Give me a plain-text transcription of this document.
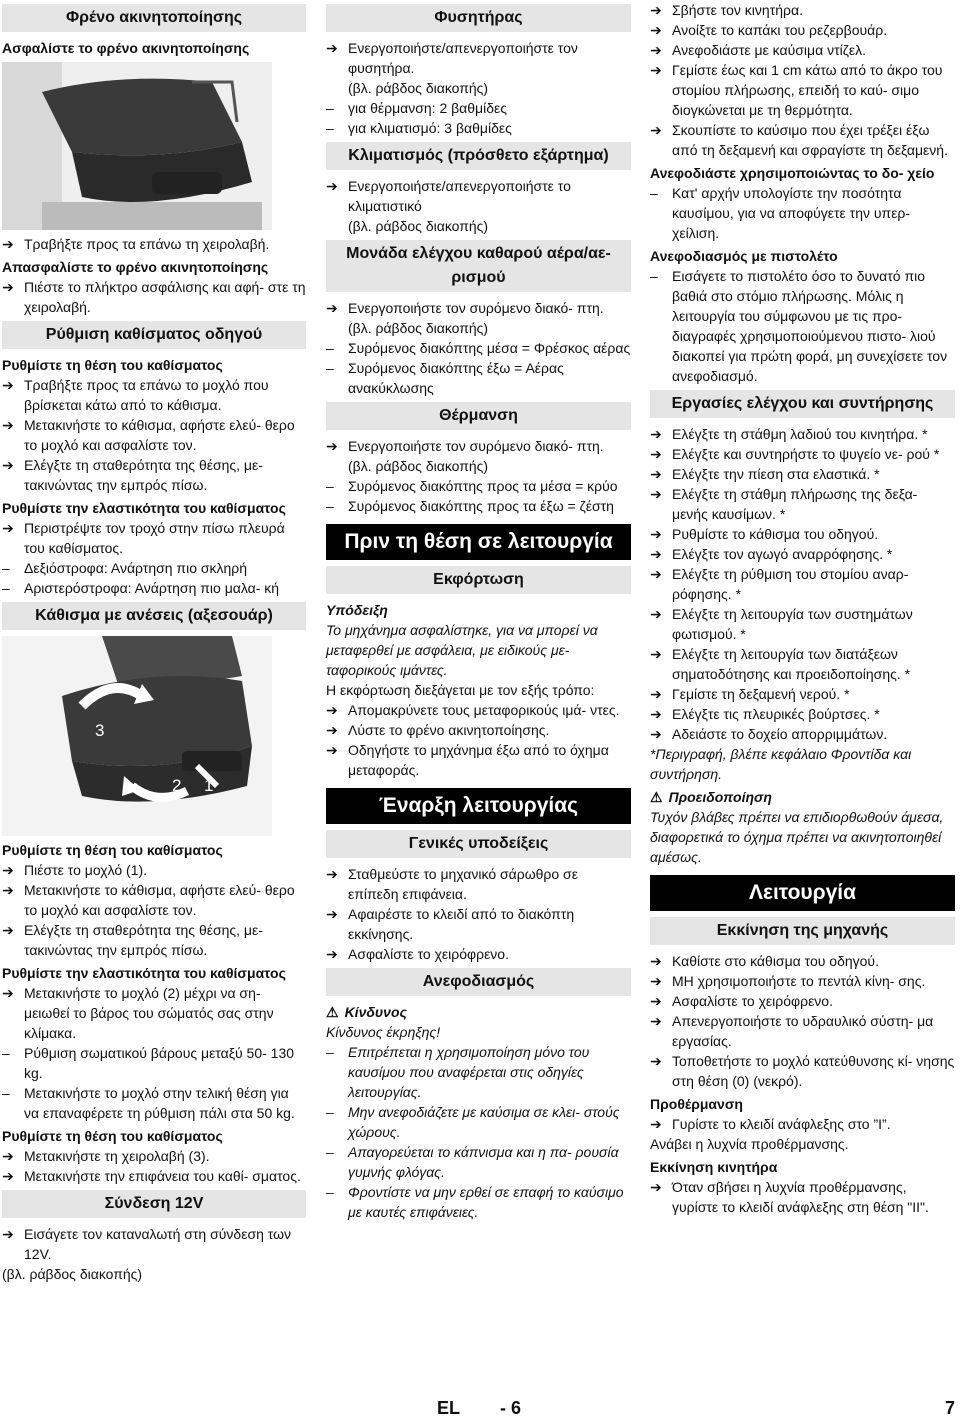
Φρένο ακινητοποίησης
Ασφαλίστε το φρένο ακινητοποίησης
➔ Τραβήξτε προς τα επάνω τη χειρολαβή.
Απασφαλίστε το φρένο ακινητοποίησης
➔ Πιέστε το πλήκτρο ασφάλισης και αφή- στε τη χειρολαβή.
Ρύθμιση καθίσματος οδηγού
Ρυθμίστε τη θέση του καθίσματος
➔ Τραβήξτε προς τα επάνω το μοχλό που βρίσκεται κάτω από το κάθισμα.
➔ Μετακινήστε το κάθισμα, αφήστε ελεύ- θερο το μοχλό και ασφαλίστε τον.
➔ Ελέγξτε τη σταθερότητα της θέσης, με- τακινώντας την εμπρός πίσω.
Ρυθμίστε την ελαστικότητα του καθίσματος
➔ Περιστρέψτε τον τροχό στην πίσω πλευρά του καθίσματος.
–	Δεξιόστροφα: Ανάρτηση πιο σκληρή
–	Αριστερόστροφα: Ανάρτηση πιο μαλα- κή
Κάθισμα με ανέσεις (αξεσουάρ)
3
2 1
Ρυθμίστε τη θέση του καθίσματος
➔ Πιέστε το μοχλό (1).
➔ Μετακινήστε το κάθισμα, αφήστε ελεύ- θερο το μοχλό και ασφαλίστε τον.
➔ Ελέγξτε τη σταθερότητα της θέσης, με- τακινώντας την εμπρός πίσω.
Ρυθμίστε την ελαστικότητα του καθίσματος
➔ Μετακινήστε το μοχλό (2) μέχρι να ση- μειωθεί το βάρος του σώματός σας στην κλίμακα.
–	Ρύθμιση σωματικού βάρους μεταξύ 50- 130 kg.
–	Μετακινήστε το μοχλό στην τελική θέση για να επαναφέρετε τη ρύθμιση πάλι στα 50 kg.
Ρυθμίστε τη θέση του καθίσματος
➔ Μετακινήστε τη χειρολαβή (3).
➔ Μετακινήστε την επιφάνεια του καθί- σματος.
Σύνδεση 12V
➔ Εισάγετε τον καταναλωτή στη σύνδεση των 12V.
(βλ. ράβδος διακοπής)
Φυσητήρας
➔ Ενεργοποιήστε/απενεργοποιήστε τον φυσητήρα.
(βλ. ράβδος διακοπής)
–	για θέρμανση: 2 βαθμίδες
–	για κλιματισμό: 3 βαθμίδες
Κλιματισμός (πρόσθετο εξάρτημα)
➔ Ενεργοποιήστε/απενεργοποιήστε το κλιματιστικό
(βλ. ράβδος διακοπής)
Μονάδα ελέγχου καθαρού αέρα/αε- ρισμού
➔ Ενεργοποιήστε τον συρόμενο διακό- πτη.
(βλ. ράβδος διακοπής)
–	Συρόμενος διακόπτης μέσα = Φρέσκος αέρας
–	Συρόμενος διακόπτης έξω = Αέρας ανακύκλωσης
Θέρμανση
➔ Ενεργοποιήστε τον συρόμενο διακό- πτη.
(βλ. ράβδος διακοπής)
–	Συρόμενος διακόπτης προς τα μέσα = κρύο
–	Συρόμενος διακόπτης προς τα έξω = ζέστη
Πριν τη θέση σε λειτουργία
Εκφόρτωση
Υπόδειξη
Το μηχάνημα ασφαλίστηκε, για να μπορεί να μεταφερθεί με ασφάλεια, με ειδικούς με- ταφορικούς ιμάντες.
Η εκφόρτωση διεξάγεται με τον εξής τρόπο:
➔ Απομακρύνετε τους μεταφορικούς ιμά- ντες.
➔ Λύστε το φρένο ακινητοποίησης.
➔ Οδηγήστε το μηχάνημα έξω από το όχημα μεταφοράς.
Έναρξη λειτουργίας
Γενικές υποδείξεις
➔ Σταθμεύστε το μηχανικό σάρωθρο σε επίπεδη επιφάνεια.
➔ Αφαιρέστε το κλειδί από το διακόπτη εκκίνησης.
➔ Ασφαλίστε το χειρόφρενο.
Ανεφοδιασμός
⚠ Κίνδυνος
Κίνδυνος έκρηξης!
–	Επιτρέπεται η χρησιμοποίηση μόνο του καυσίμου που αναφέρεται στις οδηγίες λειτουργίας.
–	Μην ανεφοδιάζετε με καύσιμα σε κλει- στούς χώρους.
–	Απαγορεύεται το κάπνισμα και η πα- ρουσία γυμνής φλόγας.
–	Φροντίστε να μην ερθεί σε επαφή το καύσιμο με καυτές επιφάνειες.
➔ Σβήστε τον κινητήρα.
➔ Ανοίξτε το καπάκι του ρεζερβουάρ.
➔ Ανεφοδιάστε με καύσιμα ντίζελ.
➔ Γεμίστε έως και 1 cm κάτω από το άκρο του στομίου πλήρωσης, επειδή το καύ- σιμο διογκώνεται με τη θερμότητα.
➔ Σκουπίστε το καύσιμο που έχει τρέξει έξω από τη δεξαμενή και σφραγίστε τη δεξαμενή.
Ανεφοδιάστε χρησιμοποιώντας το δο- χείο
–	Κατ' αρχήν υπολογίστε την ποσότητα καυσίμου, για να αποφύγετε την υπερ- χείλιση.
Ανεφοδιασμός με πιστολέτο
–	Εισάγετε το πιστολέτο όσο το δυνατό πιο βαθιά στο στόμιο πλήρωσης. Μόλις η λειτουργία του σύμφωνου με τις προ- διαγραφές χρησιμοποιούμενου πιστο- λιού διακοπεί για πρώτη φορά, μη συνεχίσετε τον ανεφοδιασμό.
Εργασίες ελέγχου και συντήρησης
➔ Ελέγξτε τη στάθμη λαδιού του κινητήρα. *
➔ Ελέγξτε και συντηρήστε το ψυγείο νε- ρού *
➔ Ελέγξτε την πίεση στα ελαστικά. *
➔ Ελέγξτε τη στάθμη πλήρωσης της δεξα- μενής καυσίμων. *
➔ Ρυθμίστε το κάθισμα του οδηγού.
➔ Ελέγξτε τον αγωγό αναρρόφησης. *
➔ Ελέγξτε τη ρύθμιση του στομίου αναρ- ρόφησης. *
➔ Ελέγξτε τη λειτουργία των συστημάτων φωτισμού. *
➔ Ελέγξτε τη λειτουργία των διατάξεων σηματοδότησης και προειδοποίησης. *
➔ Γεμίστε τη δεξαμενή νερού. *
➔ Ελέγξτε τις πλευρικές βούρτσες. *
➔ Αδειάστε το δοχείο απορριμμάτων.
*Περιγραφή, βλέπε κεφάλαιο Φροντίδα και συντήρηση.
⚠ Προειδοποίηση
Τυχόν βλάβες πρέπει να επιδιορθωθούν άμεσα, διαφορετικά το όχημα πρέπει να ακινητοποιηθεί αμέσως.
Λειτουργία
Εκκίνηση της μηχανής
➔ Καθίστε στο κάθισμα του οδηγού.
➔ ΜΗ χρησιμοποιήστε το πεντάλ κίνη- σης.
➔ Ασφαλίστε το χειρόφρενο.
➔ Απενεργοποιήστε το υδραυλικό σύστη- μα εργασίας.
➔ Τοποθετήστε το μοχλό κατεύθυνσης κί- νησης στη θέση (0) (νεκρό).
Προθέρμανση
➔ Γυρίστε το κλειδί ανάφλεξης στο ”I”.
Ανάβει η λυχνία προθέρμανσης.
Εκκίνηση κινητήρα
➔ Όταν σβήσει η λυχνία προθέρμανσης, γυρίστε το κλειδί ανάφλεξης στη θέση "II".
EL - 6	7
